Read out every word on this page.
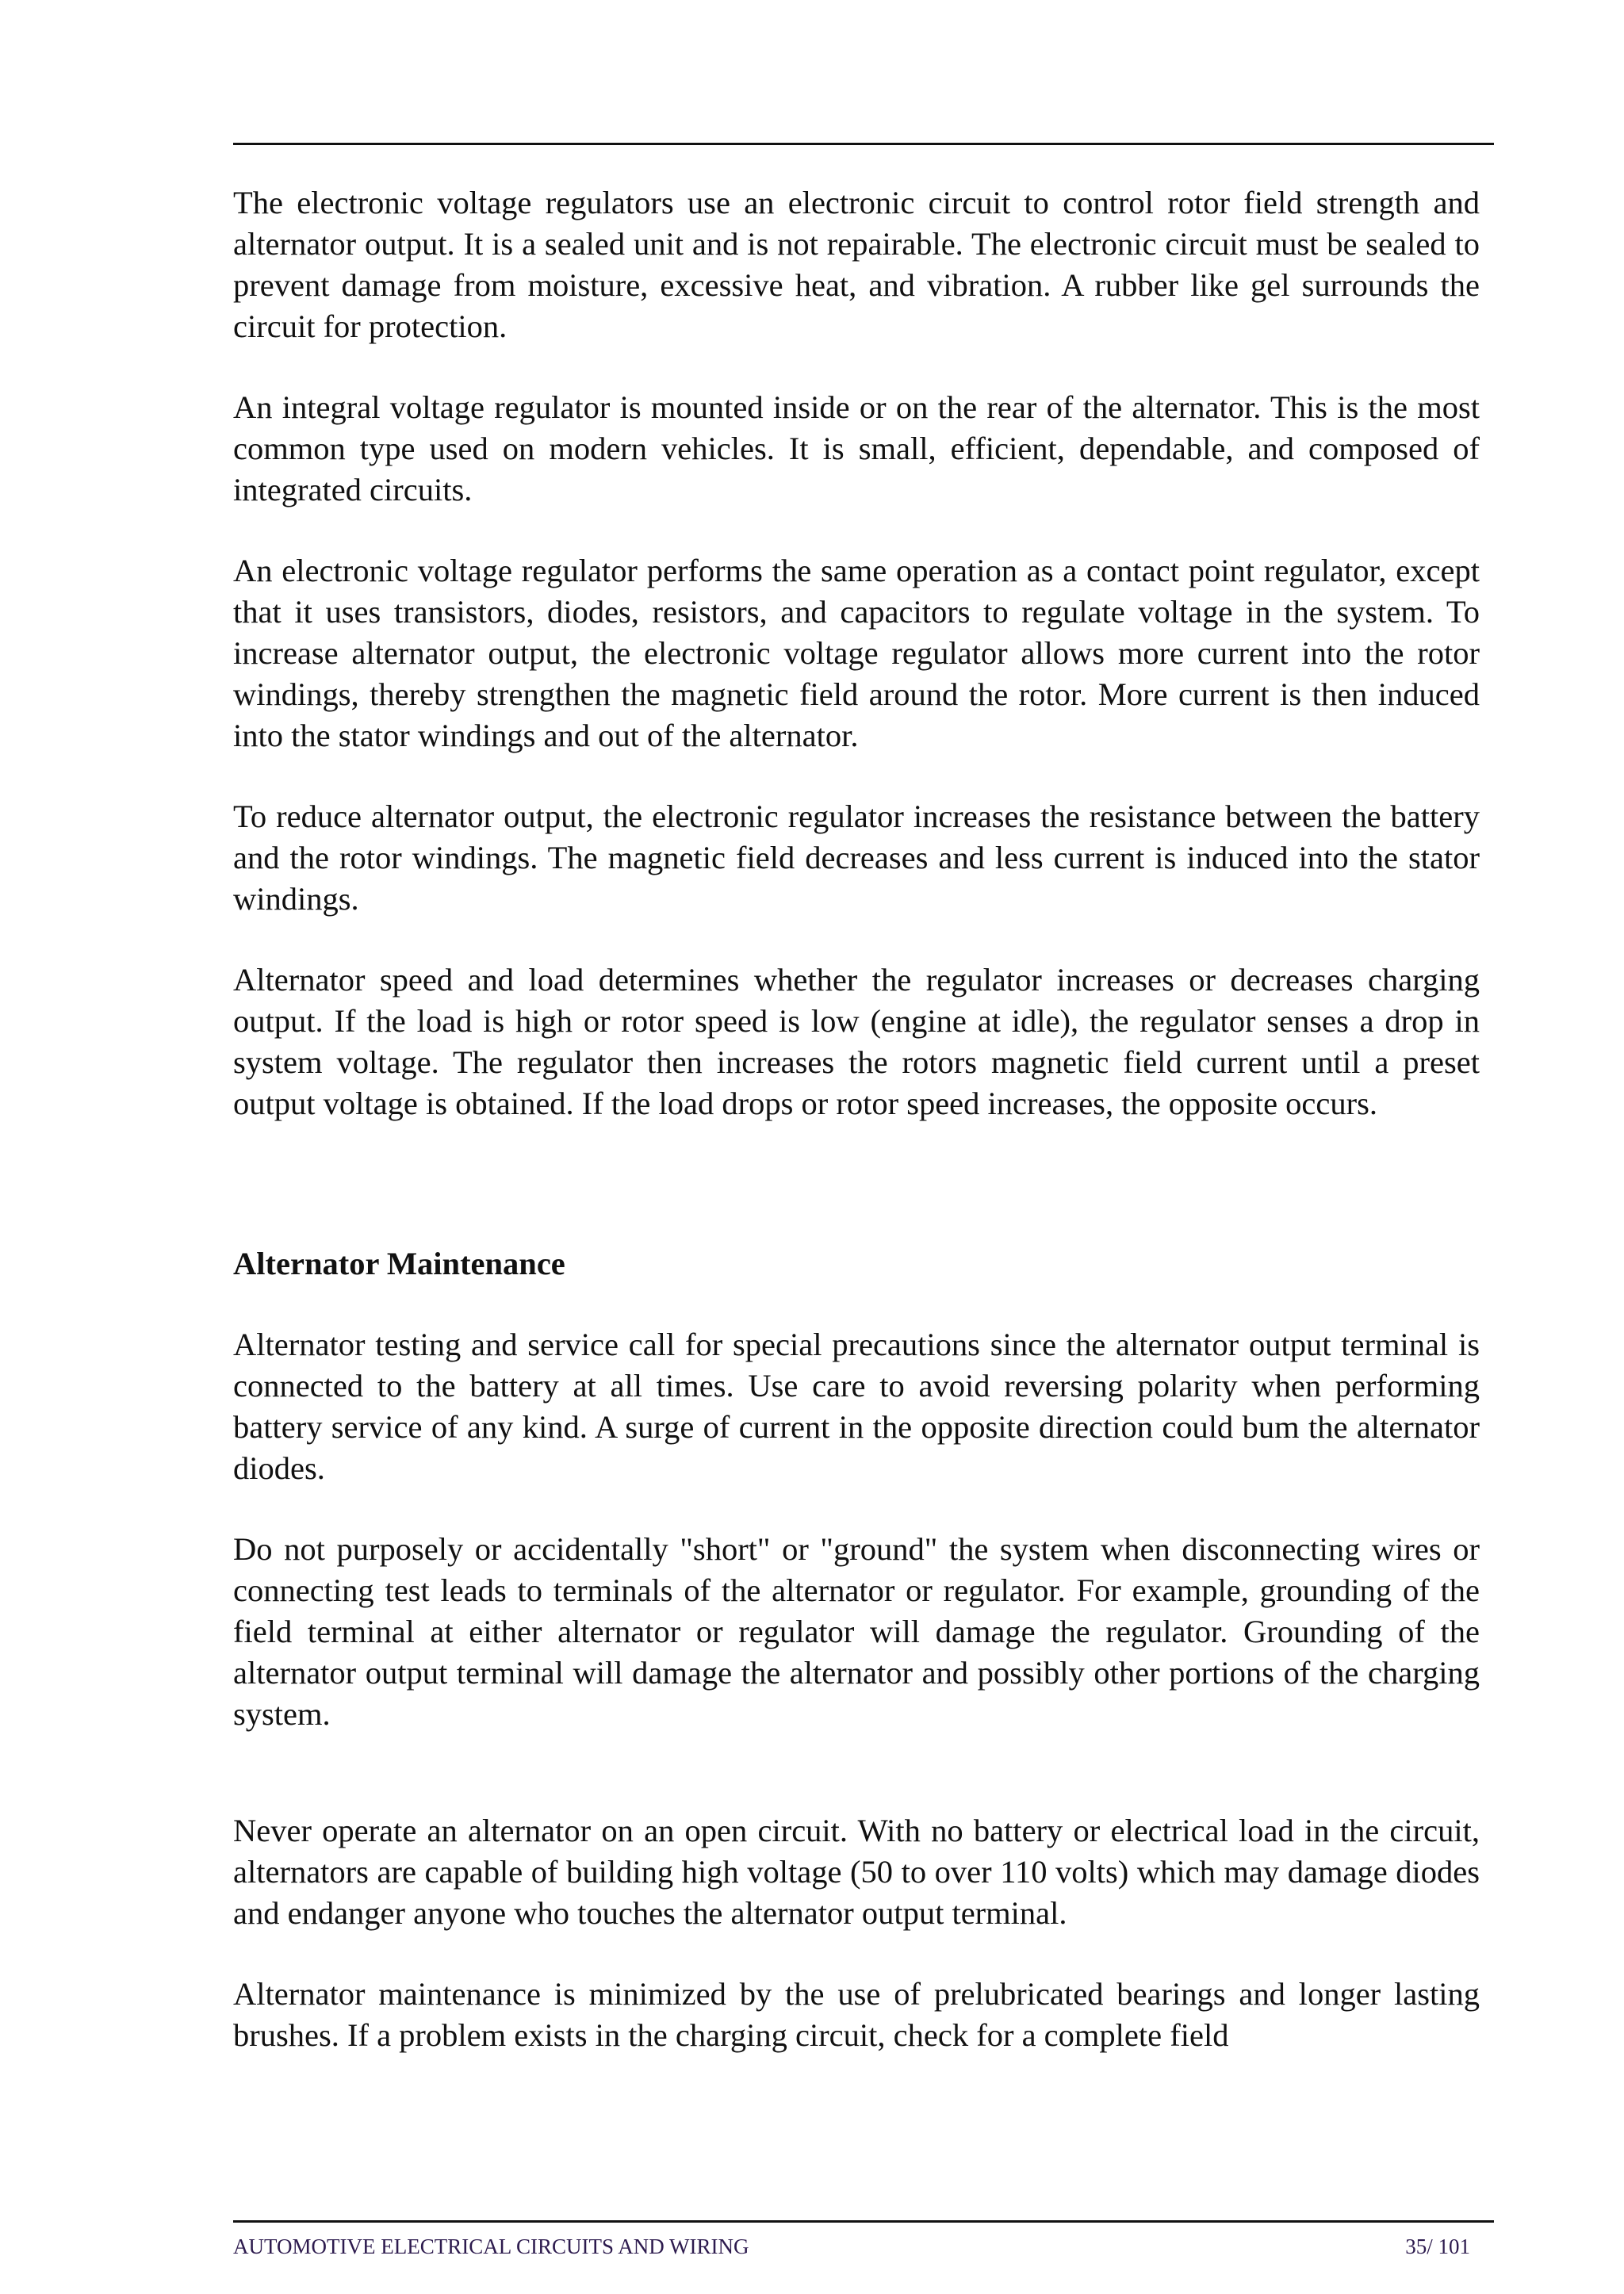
The electronic voltage regulators use an electronic circuit to control rotor field strength and alternator output. It is a sealed unit and is not repairable. The electronic circuit must be sealed to prevent damage from moisture, excessive heat, and vibration. A rubber like gel surrounds the circuit for protection.

An integral voltage regulator is mounted inside or on the rear of the alternator. This is the most common type used on modern vehicles. It is small, efficient, dependable, and composed of integrated circuits.

An electronic voltage regulator performs the same operation as a contact point regulator, except that it uses transistors, diodes, resistors, and capacitors to regulate voltage in the system. To increase alternator output, the electronic voltage regulator allows more current into the rotor windings, thereby strengthen the magnetic field around the rotor. More current is then induced into the stator windings and out of the alternator.

To reduce alternator output, the electronic regulator increases the resistance between the battery and the rotor windings. The magnetic field decreases and less current is induced into the stator windings.

Alternator speed and load determines whether the regulator increases or decreases charging output. If the load is high or rotor speed is low (engine at idle), the regulator senses a drop in system voltage. The regulator then increases the rotors magnetic field current until a preset output voltage is obtained. If the load drops or rotor speed increases, the opposite occurs.

Alternator Maintenance

Alternator testing and service call for special precautions since the alternator output terminal is connected to the battery at all times. Use care to avoid reversing polarity when performing battery service of any kind. A surge of current in the opposite direction could bum the alternator diodes.

Do not purposely or accidentally "short" or "ground" the system when disconnecting wires or connecting test leads to terminals of the alternator or regulator. For example, grounding of the field terminal at either alternator or regulator will damage the regulator. Grounding of the alternator output terminal will damage the alternator and possibly other portions of the charging system.

Never operate an alternator on an open circuit. With no battery or electrical load in the circuit, alternators are capable of building high voltage (50 to over 110 volts) which may damage diodes and endanger anyone who touches the alternator output terminal.

Alternator maintenance is minimized by the use of prelubricated bearings and longer lasting brushes. If a problem exists in the charging circuit, check for a complete field

AUTOMOTIVE ELECTRICAL CIRCUITS AND WIRING	35/ 101
